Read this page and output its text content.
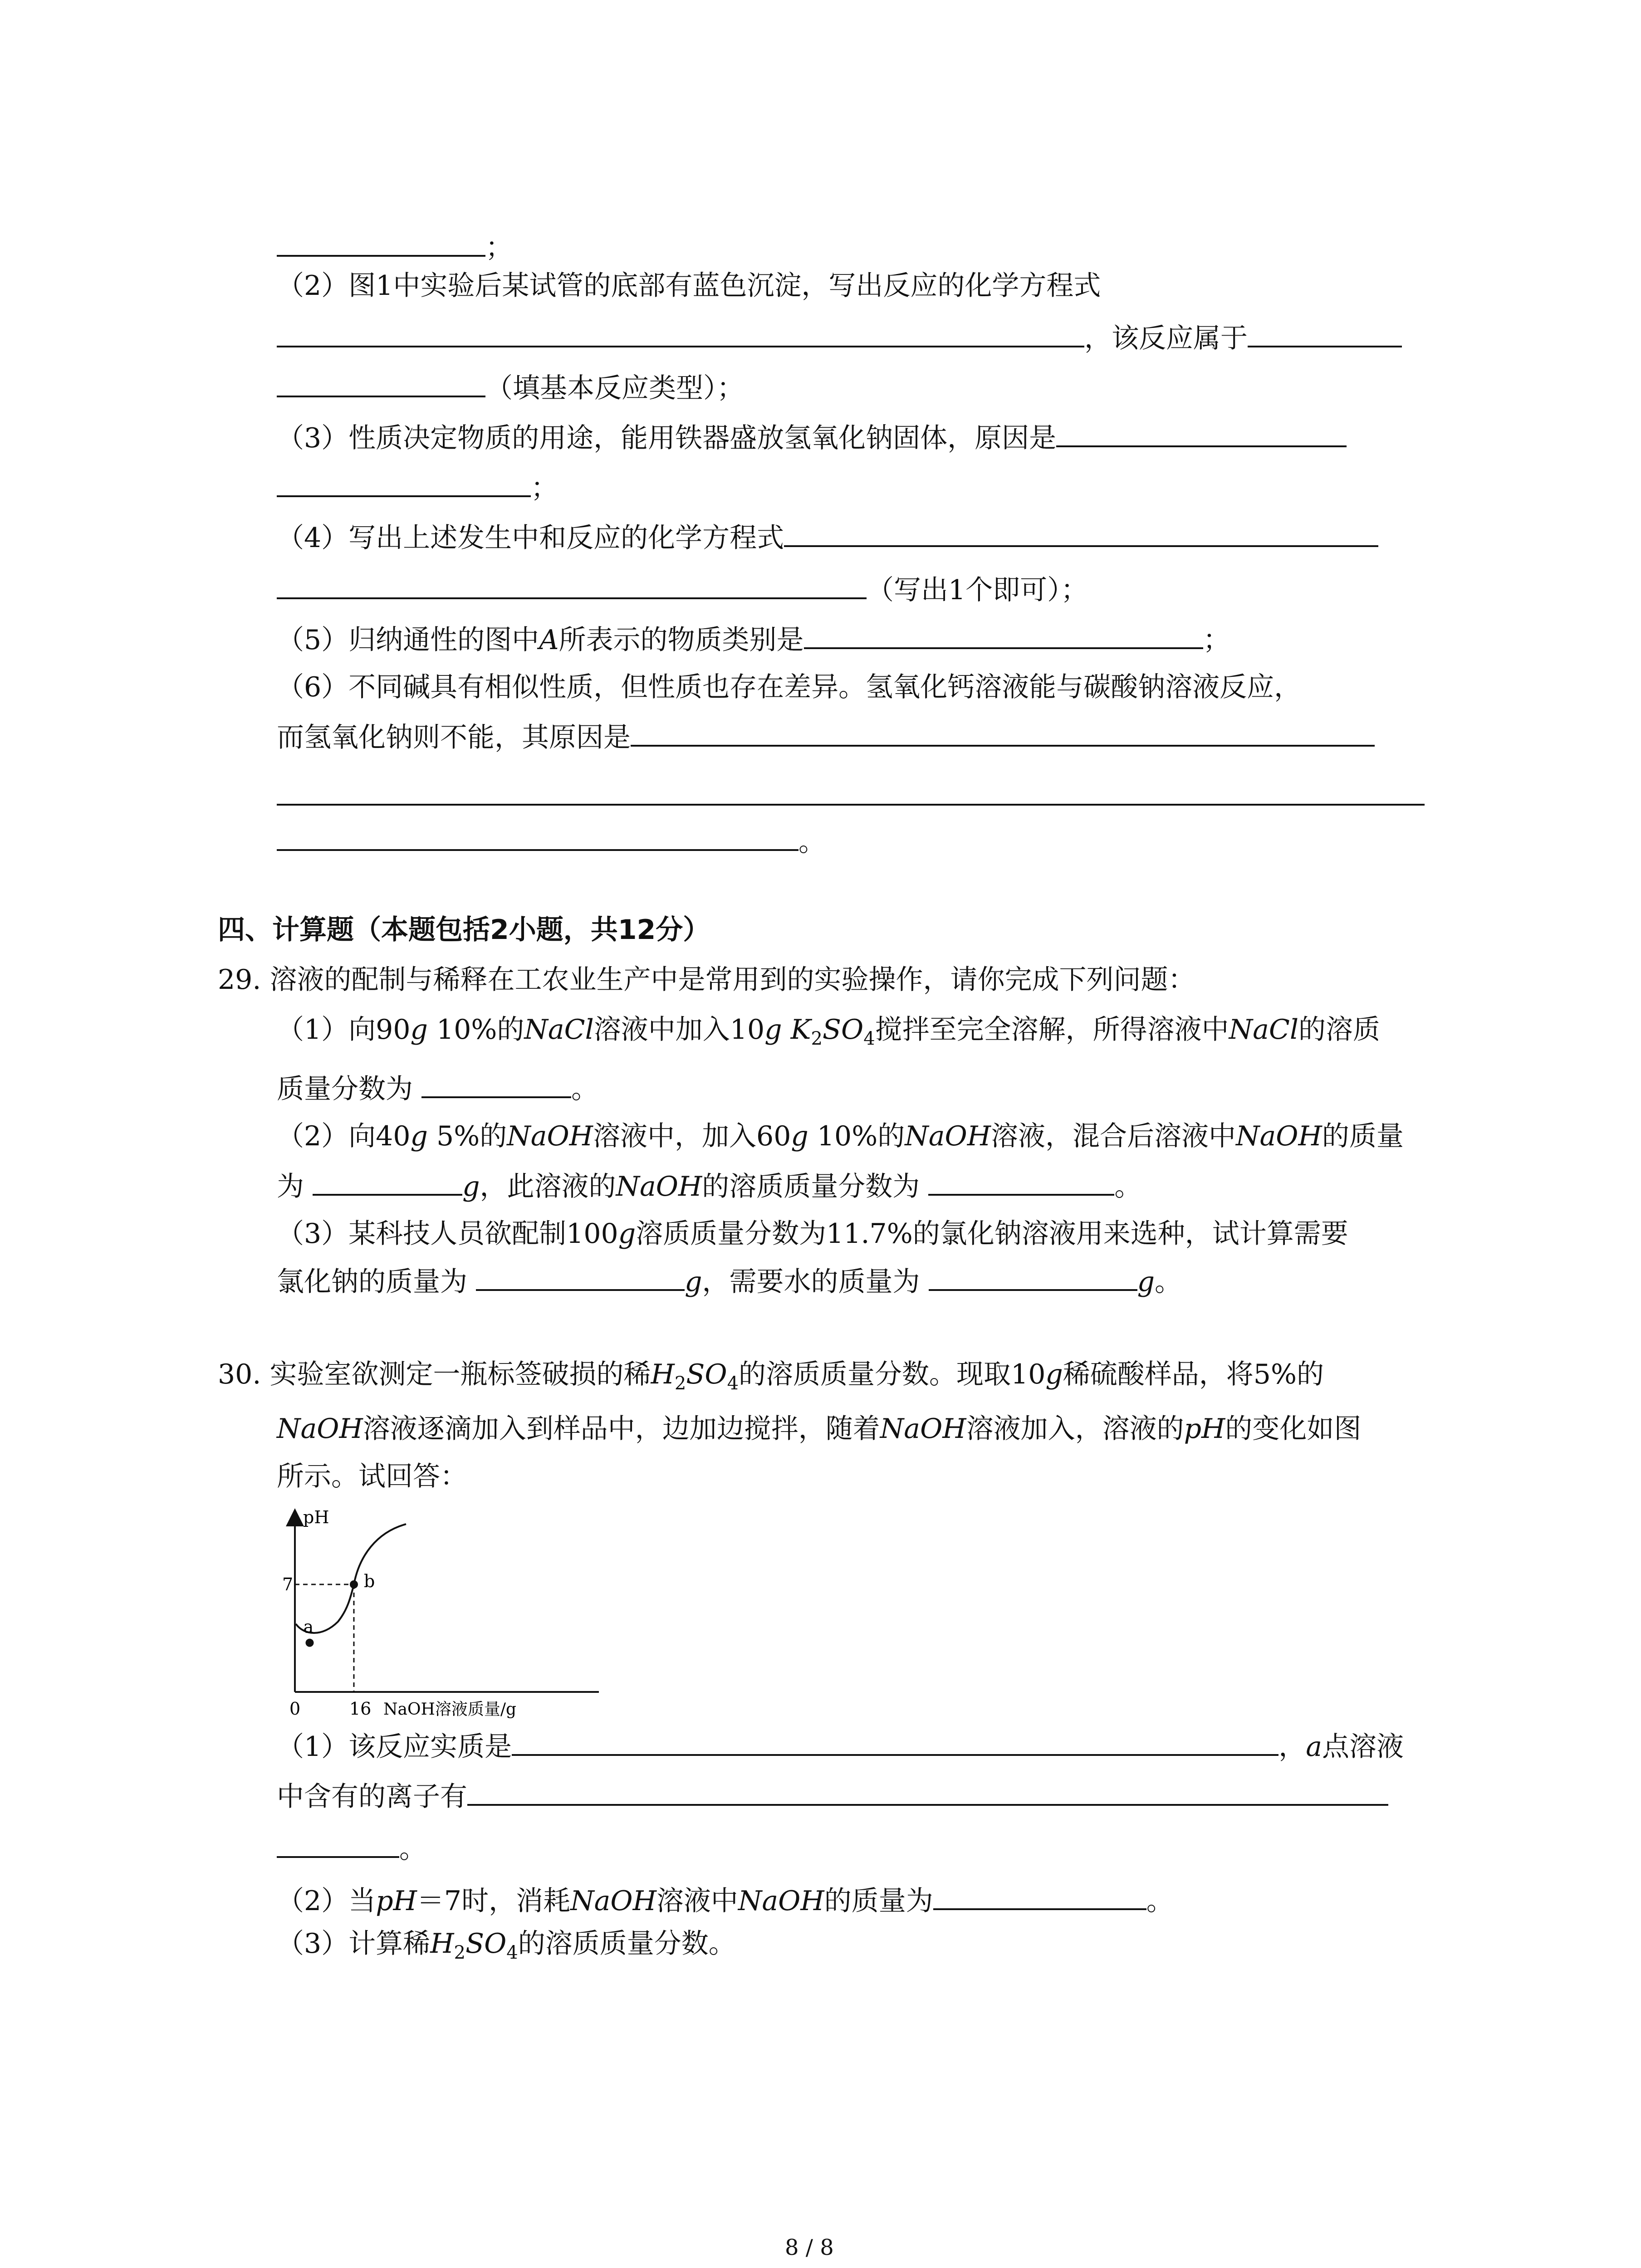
；
（2）图1中实验后某试管的底部有蓝色沉淀，写出反应的化学方程式
，该反应属于
（填基本反应类型）；
（3）性质决定物质的用途，能用铁器盛放氢氧化钠固体，原因是
；
（4）写出上述发生中和反应的化学方程式
（写出1个即可）；
（5）归纳通性的图中A所表示的物质类别是	；
（6）不同碱具有相似性质，但性质也存在差异。氢氧化钙溶液能与碳酸钠溶液反应，
而氢氧化钠则不能，其原因是
。
四、计算题（本题包括2小题，共12分）
29. 溶液的配制与稀释在工农业生产中是常用到的实验操作，请你完成下列问题：
（1）向90g 10%的NaCl溶液中加入10g $K_2SO_4$搅拌至完全溶解，所得溶液中NaCl的溶质
质量分数为	。
（2）向40g 5%的NaOH溶液中，加入60g 10%的NaOH溶液，混合后溶液中NaOH的质量
为	g，此溶液的NaOH的溶质质量分数为	。
（3）某科技人员欲配制100g溶质质量分数为11.7%的氯化钠溶液用来选种，试计算需要
氯化钠的质量为	g，需要水的质量为	g。
30. 实验室欲测定一瓶标签破损的稀$H_2SO_4$的溶质质量分数。现取10g稀硫酸样品，将5%的
NaOH溶液逐滴加入到样品中，边加边搅拌，随着NaOH溶液加入，溶液的pH的变化如图
所示。试回答：
pH
7
0	16 NaOH溶液质量/g
a
b
（1）该反应实质是	，a点溶液
中含有的离子有
。
（2）当pH＝7时，消耗NaOH溶液中NaOH的质量为	。
（3）计算稀$H_2SO_4$的溶质质量分数。
8 / 8
